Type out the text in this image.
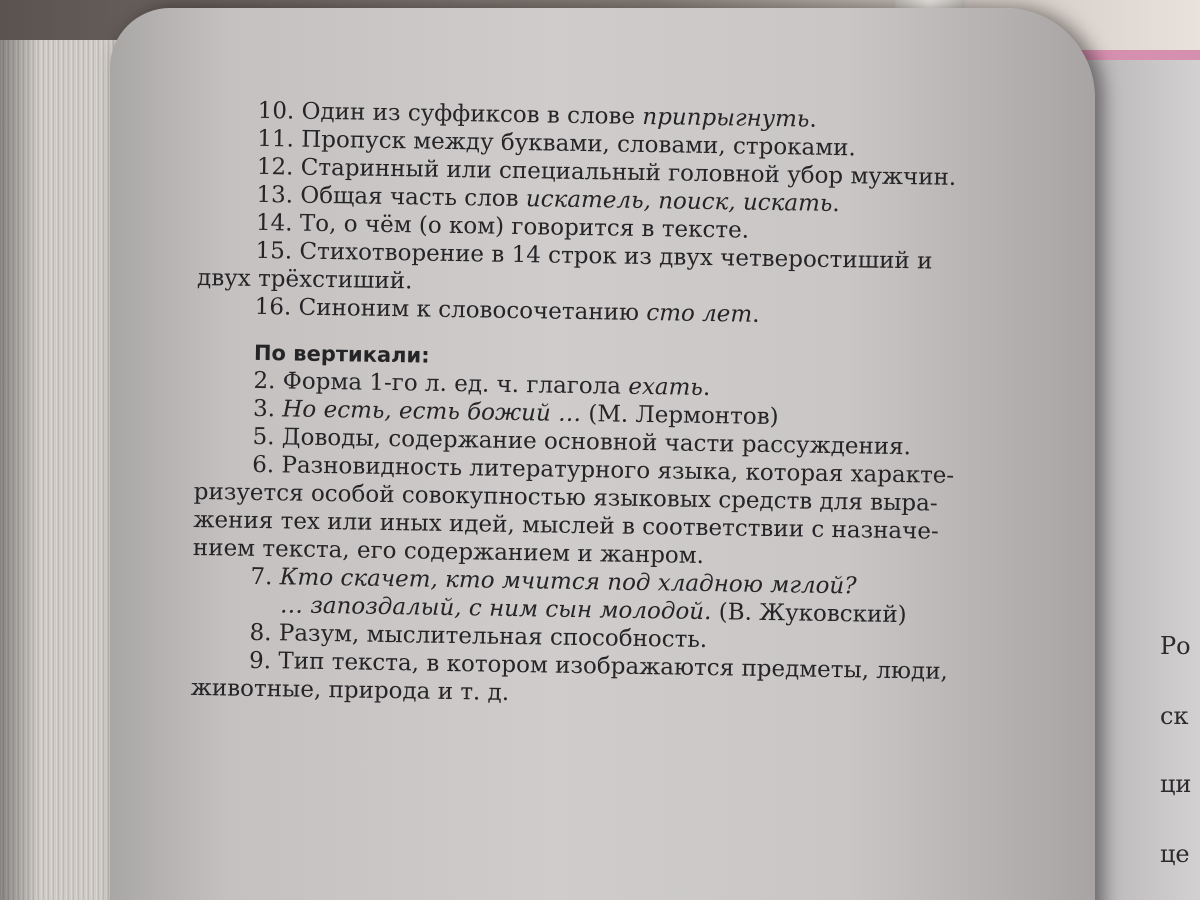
Ро
ск
ци
це
10. Один из суффиксов в слове припрыгнуть.
11. Пропуск между буквами, словами, строками.
12. Старинный или специальный головной убор мужчин.
13. Общая часть слов искатель, поиск, искать.
14. То, о чём (о ком) говорится в тексте.
15. Стихотворение в 14 строк из двух четверостиший и
двух трёхстиший.
16. Синоним к словосочетанию сто лет.
По вертикали:
2. Форма 1-го л. ед. ч. глагола ехать.
3. Но есть, есть божий … (М. Лермонтов)
5. Доводы, содержание основной части рассуждения.
6. Разновидность литературного языка, которая характе-
ризуется особой совокупностью языковых средств для выра-
жения тех или иных идей, мыслей в соответствии с назначе-
нием текста, его содержанием и жанром.
7. Кто скачет, кто мчится под хладною мглой?
… запоздалый, с ним сын молодой. (В. Жуковский)
8. Разум, мыслительная способность.
9. Тип текста, в котором изображаются предметы, люди,
животные, природа и т. д.
